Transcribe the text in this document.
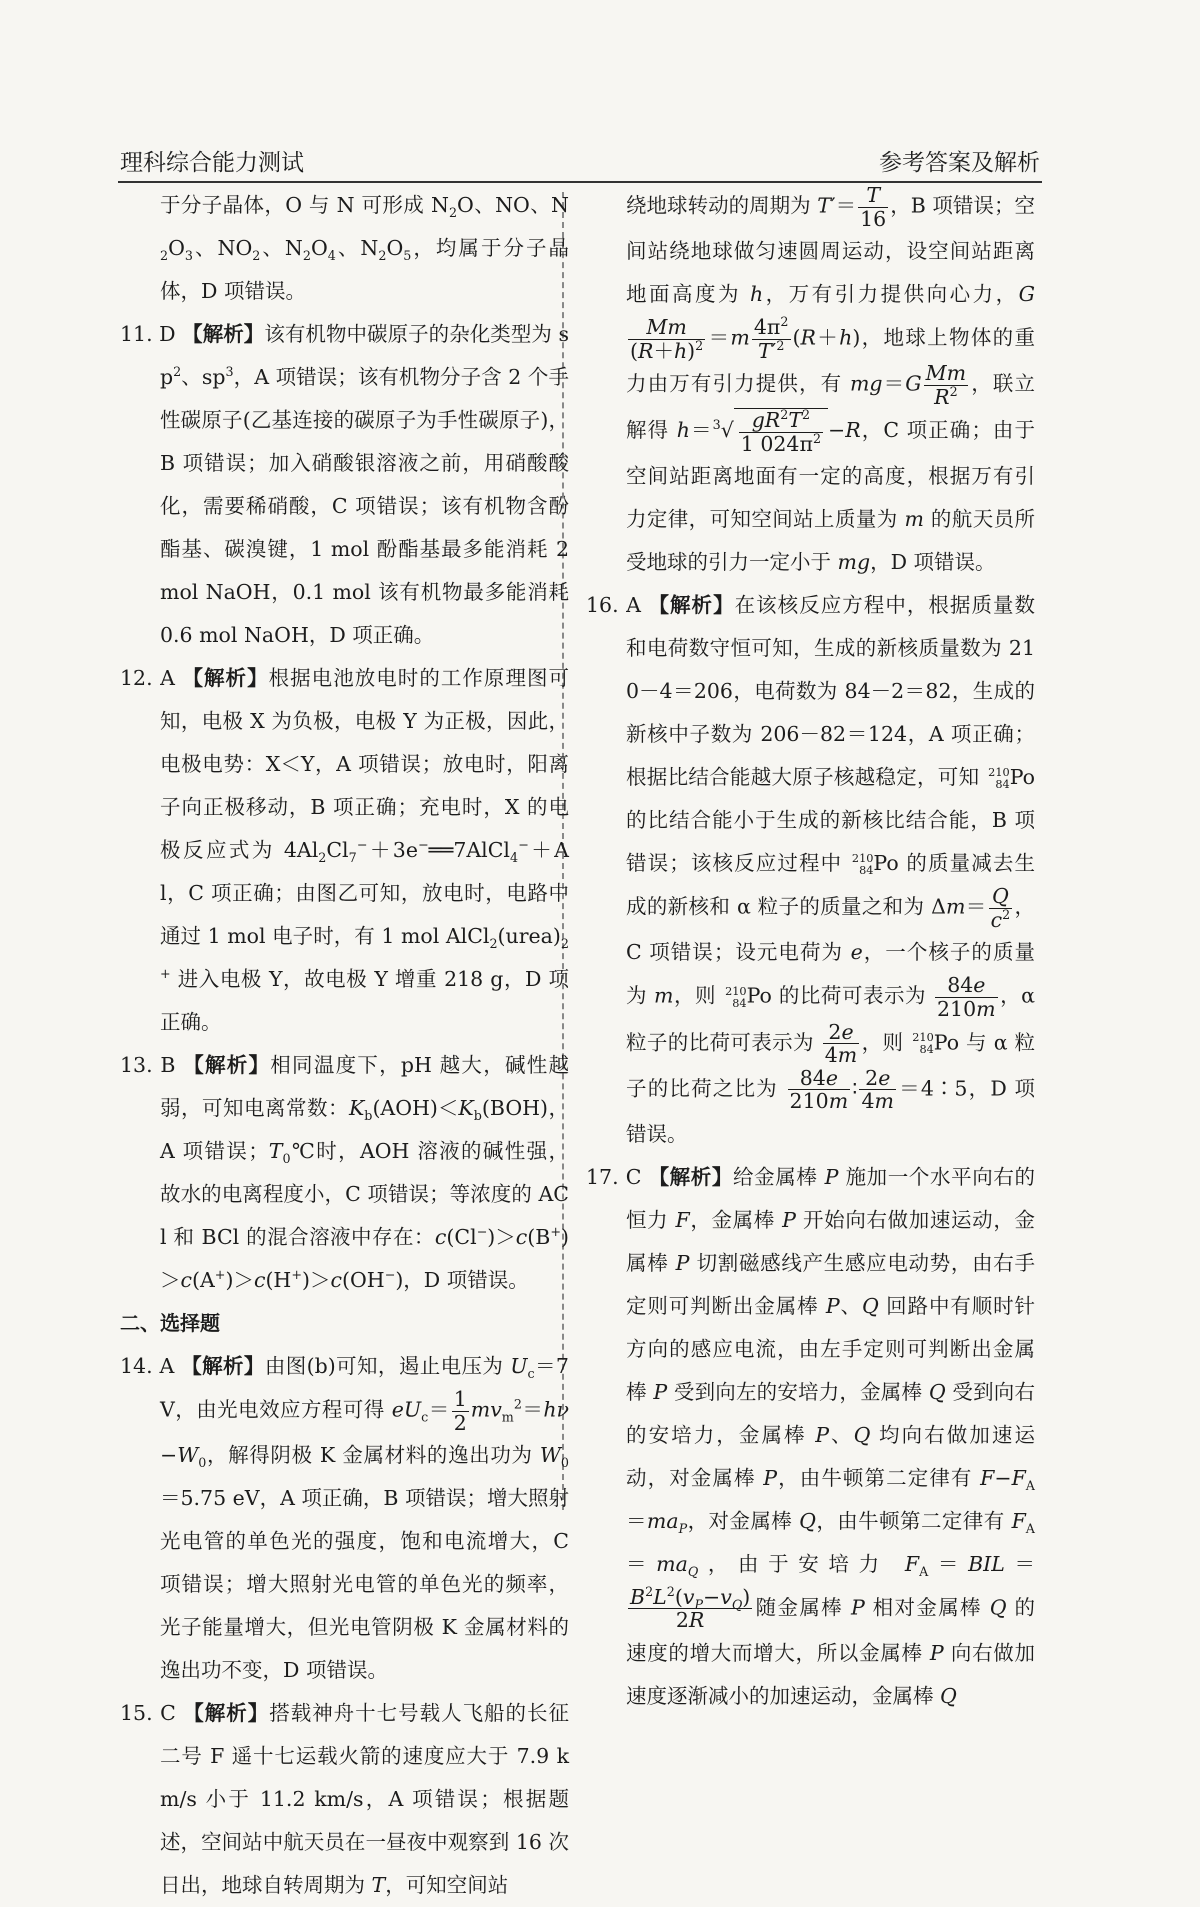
理科综合能力测试	参考答案及解析

于分子晶体，O 与 N 可形成 $N_2O$、NO、$N_2O_3$、$NO_2$、$N_2O_4$、$N_2O_5$，均属于分子晶体，D 项错误。

11. D 【解析】该有机物中碳原子的杂化类型为 $sp^2$、$sp^3$，A 项错误；该有机物分子含 2 个手性碳原子(乙基连接的碳原子为手性碳原子)，B 项错误；加入硝酸银溶液之前，用硝酸酸化，需要稀硝酸，C 项错误；该有机物含酚酯基、碳溴键，1 mol 酚酯基最多能消耗 2 mol NaOH，0.1 mol 该有机物最多能消耗 0.6 mol NaOH，D 项正确。

12. A 【解析】根据电池放电时的工作原理图可知，电极 X 为负极，电极 Y 为正极，因此，电极电势：X＜Y，A 项错误；放电时，阳离子向正极移动，B 项正确；充电时，X 的电极反应式为 $4Al_2Cl_7^-+3e^-══7AlCl_4^-+Al$，C 项正确；由图乙可知，放电时，电路中通过 1 mol 电子时，有 1 mol $AlCl_2(urea)_2^+$ 进入电极 Y，故电极 Y 增重 218 g，D 项正确。

13. B 【解析】相同温度下，pH 越大，碱性越弱，可知电离常数：$K_b(AOH)<K_b(BOH)$，A 项错误；$T_0℃$时，AOH 溶液的碱性强，故水的电离程度小，C 项错误；等浓度的 ACl 和 BCl 的混合溶液中存在：c(Cl−)＞c(B+)＞c(A+)＞c(H+)＞c(OH−)，D 项错误。

二、选择题

14. A 【解析】由图(b)可知，遏止电压为 $U_c=7$ V，由光电效应方程可得 $eU_c= \frac{1}{2} mv_m^2=h\nu-W_0$，解得阴极 K 金属材料的逸出功为 $W_0=5.75$ eV，A 项正确，B 项错误；增大照射光电管的单色光的强度，饱和电流增大，C 项错误；增大照射光电管的单色光的频率，光子能量增大，但光电管阴极 K 金属材料的逸出功不变，D 项错误。

15. C 【解析】搭载神舟十七号载人飞船的长征二号 F 遥十七运载火箭的速度应大于 7.9 km/s 小于 11.2 km/s，A 项错误；根据题述，空间站中航天员在一昼夜中观察到 16 次日出，地球自转周期为 T，可知空间站

绕地球转动的周期为 $T'= \frac{T}{16}$ ，B 项错误；空间站绕地球做匀速圆周运动，设空间站距离地面高度为 h，万有引力提供向心力，G
$\frac{Mm}{(R+h)^2} =m \frac{4\pi^2}{T'^2} (R+h)$，地球上物体的重力由万有引力提供，有 $mg=G \frac{Mm}{R^2}$ ，联立解得 $h=^3√ \frac{gR^2T^2}{1 024\pi^2} -R$，C 项正确；由于空间站距离地面有一定的高度，根据万有引力定律，可知空间站上质量为 m 的航天员所受地球的引力一定小于 mg，D 项错误。

16. A 【解析】在该核反应方程中，根据质量数和电荷数守恒可知，生成的新核质量数为 210－4＝206，电荷数为 84－2＝82，生成的新核中子数为 206－82＝124，A 项正确；根据比结合能越大原子核越稳定，可知 210
84 Po 的比结合能小于生成的新核比结合能，B 项错误；该核反应过程中 210
84 Po 的质量减去生成的新核和 α 粒子的质量之和为 $\Delta m= \frac{Q}{c^2}$ ，C 项错误；设元电荷为 e，一个核子的质量为 m，则 210
84 Po 的比荷可表示为 $\frac{84e}{210m}$ ，α 粒子的比荷可表示为 $\frac{2e}{4m}$ ，则 210
84 Po 与 α 粒子的比荷之比为 $\frac{84e}{210m}$ ∶ $\frac{2e}{4m}$ ＝4∶5，D 项错误。

17. C 【解析】给金属棒 P 施加一个水平向右的恒力 F，金属棒 P 开始向右做加速运动，金属棒 P 切割磁感线产生感应电动势，由右手定则可判断出金属棒 P、Q 回路中有顺时针方向的感应电流，由左手定则可判断出金属棒 P 受到向左的安培力，金属棒 Q 受到向右的安培力，金属棒 P、Q 均向右做加速运动，对金属棒 P，由牛顿第二定律有 $F-F_A=ma_P$，对金属棒 Q，由牛顿第二定律有 $F_A=ma_Q$，由于安培力 $F_A=BIL=$
$\frac{B^2L^2(v_P-v_Q)}{2R}$ 随金属棒 P 相对金属棒 Q 的速度的增大而增大，所以金属棒 P 向右做加速度逐渐减小的加速运动，金属棒 Q
